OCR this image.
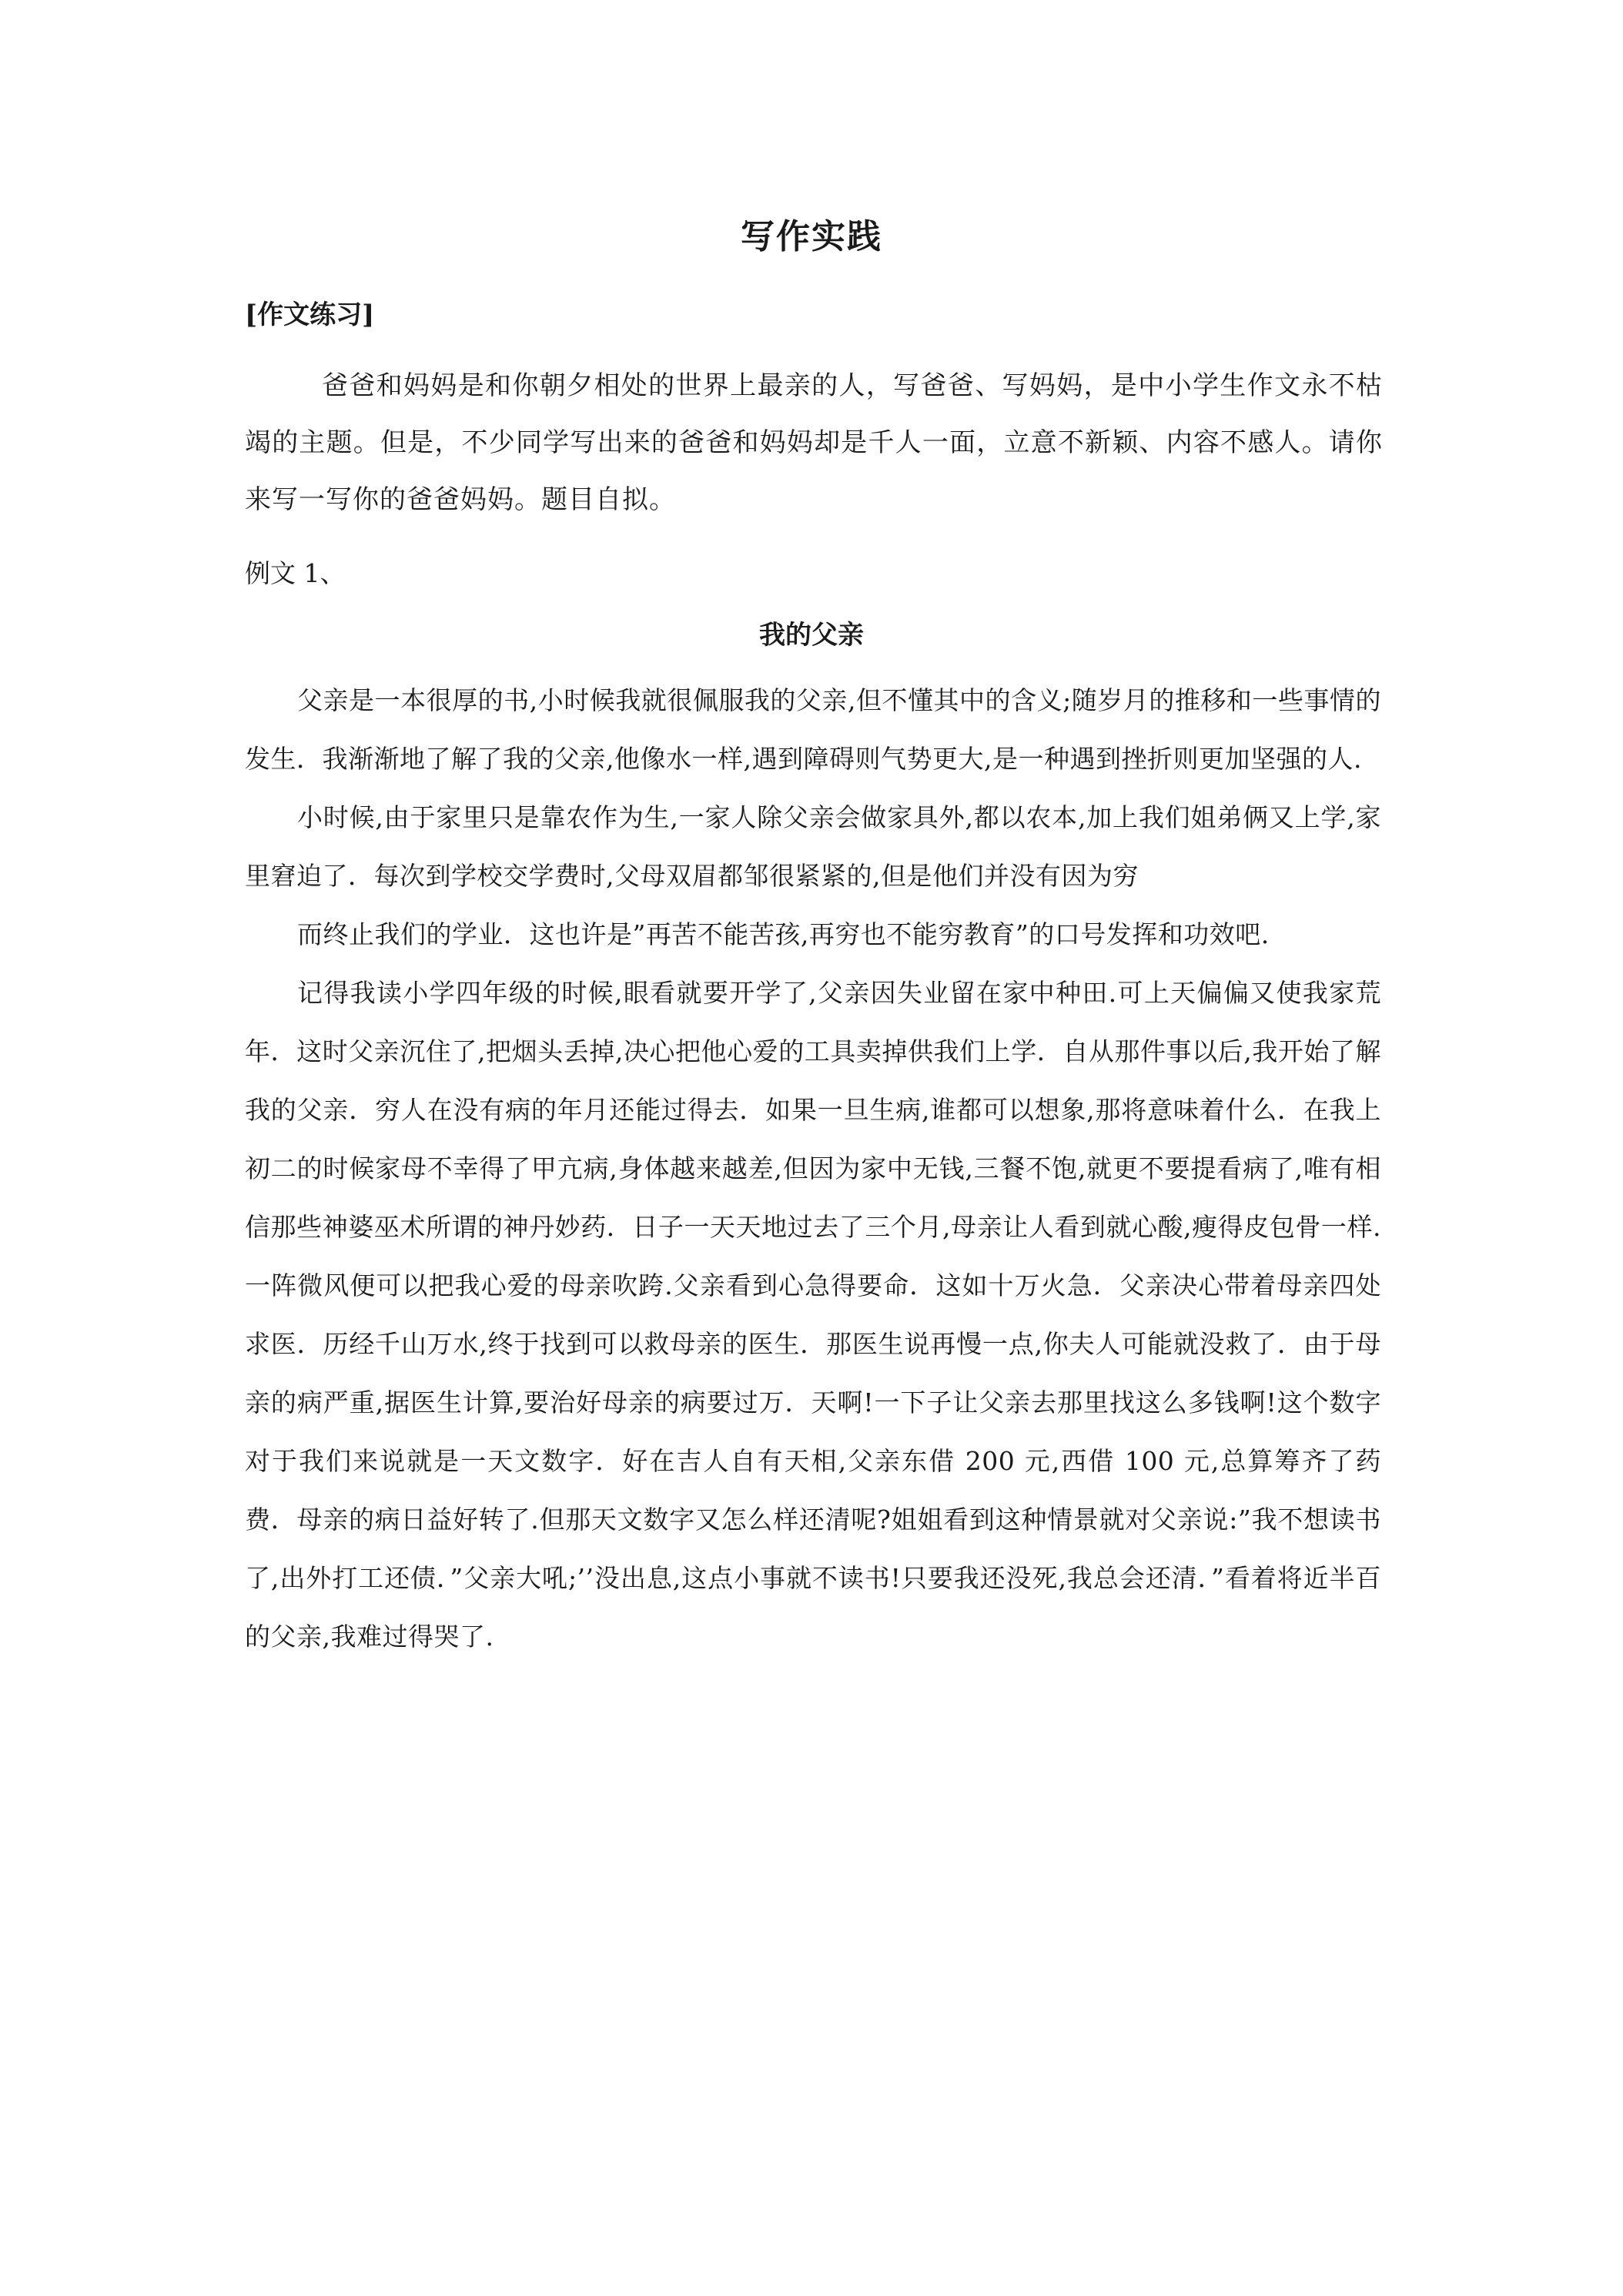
写作实践
[作文练习]

爸爸和妈妈是和你朝夕相处的世界上最亲的人，写爸爸、写妈妈，是中小学生作文永不枯竭的主题。但是，不少同学写出来的爸爸和妈妈却是千人一面，立意不新颖、内容不感人。请你来写一写你的爸爸妈妈。题目自拟。

例文 1、
我的父亲

父亲是一本很厚的书,小时候我就很佩服我的父亲,但不懂其中的含义;随岁月的推移和一些事情的发生．我渐渐地了解了我的父亲,他像水一样,遇到障碍则气势更大,是一种遇到挫折则更加坚强的人.

小时候,由于家里只是靠农作为生,一家人除父亲会做家具外,都以农本,加上我们姐弟俩又上学,家里窘迫了．每次到学校交学费时,父母双眉都邹很紧紧的,但是他们并没有因为穷

而终止我们的学业．这也许是”再苦不能苦孩,再穷也不能穷教育”的口号发挥和功效吧.

记得我读小学四年级的时候,眼看就要开学了,父亲因失业留在家中种田.可上天偏偏又使我家荒年．这时父亲沉住了,把烟头丢掉,决心把他心爱的工具卖掉供我们上学．自从那件事以后,我开始了解我的父亲．穷人在没有病的年月还能过得去．如果一旦生病,谁都可以想象,那将意味着什么．在我上初二的时候家母不幸得了甲亢病,身体越来越差,但因为家中无钱,三餐不饱,就更不要提看病了,唯有相信那些神婆巫术所谓的神丹妙药．日子一天天地过去了三个月,母亲让人看到就心酸,瘦得皮包骨一样.一阵微风便可以把我心爱的母亲吹跨.父亲看到心急得要命．这如十万火急．父亲决心带着母亲四处求医．历经千山万水,终于找到可以救母亲的医生．那医生说再慢一点,你夫人可能就没救了．由于母亲的病严重,据医生计算,要治好母亲的病要过万．天啊!一下子让父亲去那里找这么多钱啊!这个数字对于我们来说就是一天文数字．好在吉人自有天相,父亲东借 200 元,西借 100 元,总算筹齐了药费．母亲的病日益好转了.但那天文数字又怎么样还清呢?姐姐看到这种情景就对父亲说:”我不想读书了,出外打工还债．”父亲大吼;’’没出息,这点小事就不读书!只要我还没死,我总会还清．”看着将近半百的父亲,我难过得哭了.
